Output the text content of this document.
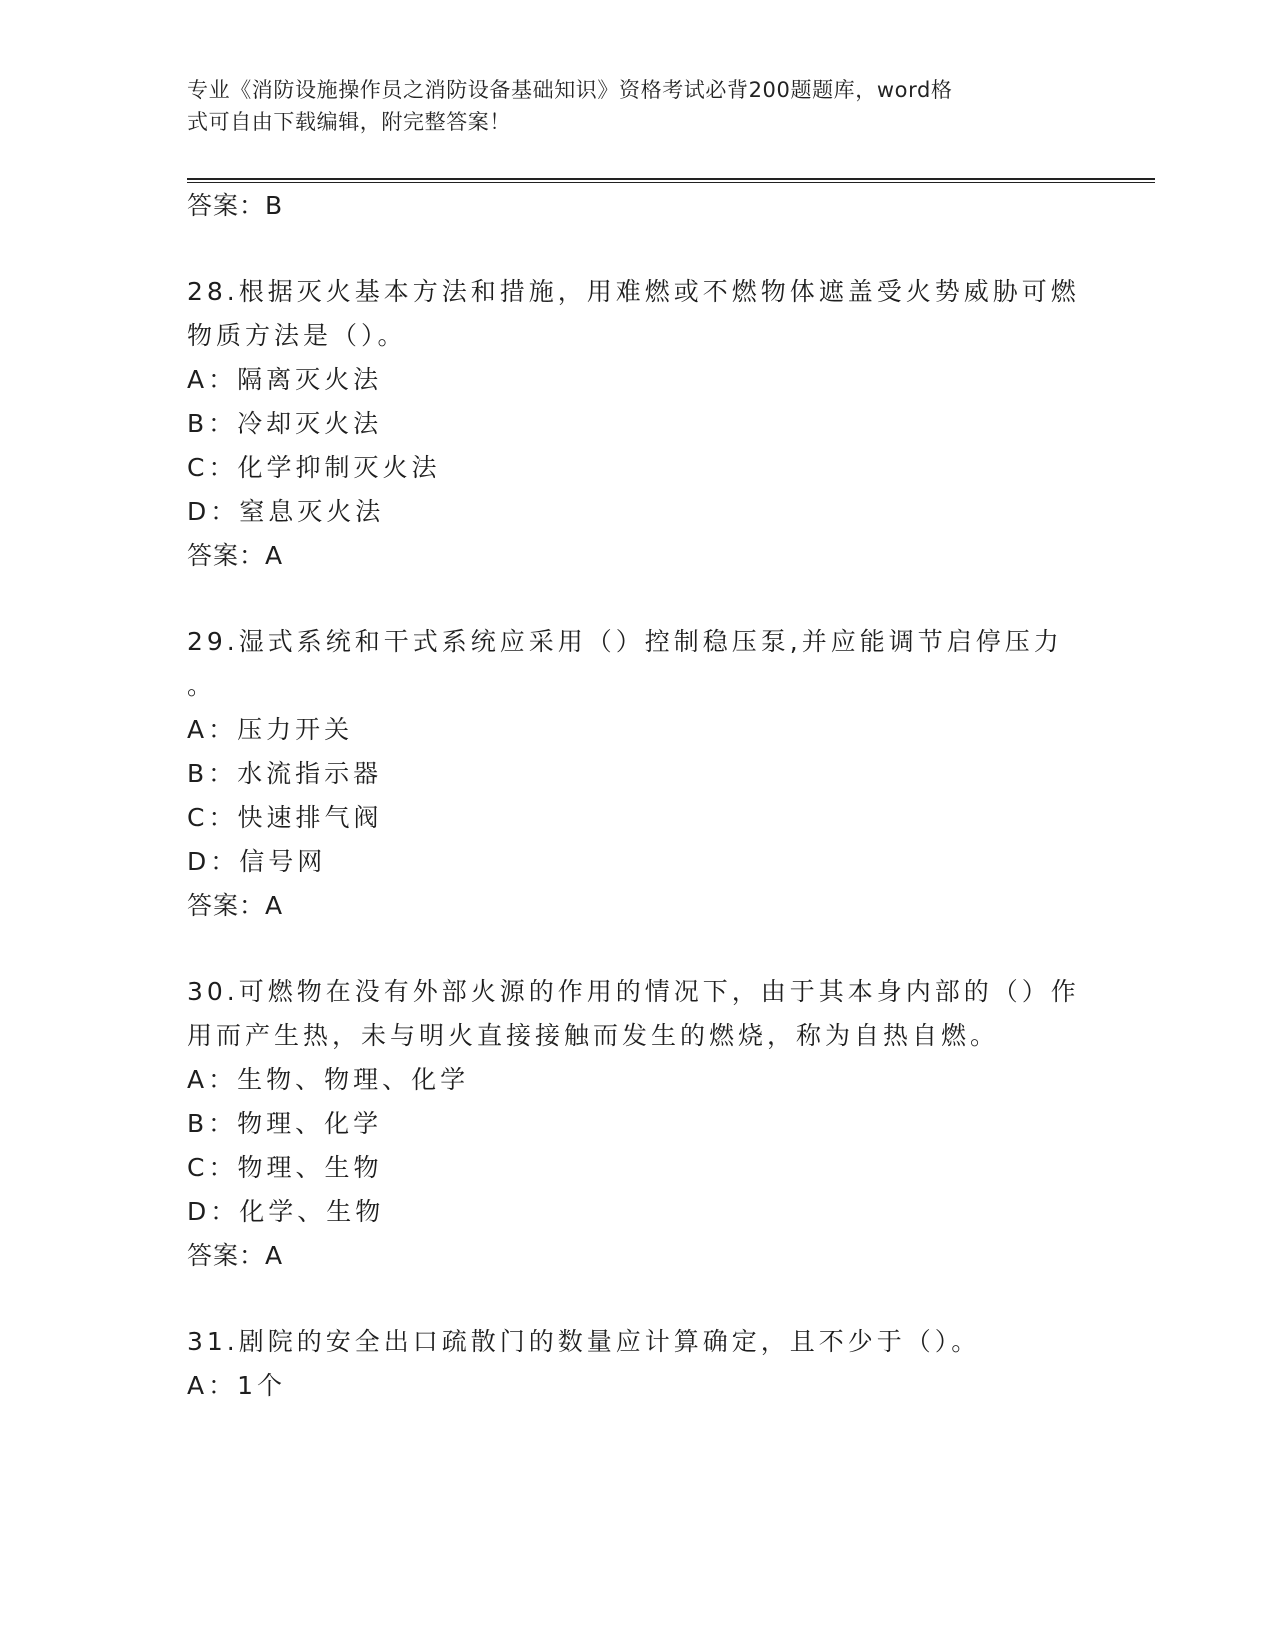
专业《消防设施操作员之消防设备基础知识》资格考试必背200题题库，word格
式可自由下载编辑，附完整答案！
答案：B
28.根据灭火基本方法和措施，用难燃或不燃物体遮盖受火势威胁可燃
物质方法是（）。
A：隔离灭火法
B：冷却灭火法
C：化学抑制灭火法
D：窒息灭火法
答案：A
29.湿式系统和干式系统应采用（）控制稳压泵,并应能调节启停压力
。
A：压力开关
B：水流指示器
C：快速排气阀
D：信号网
答案：A
30.可燃物在没有外部火源的作用的情况下，由于其本身内部的（）作
用而产生热，未与明火直接接触而发生的燃烧，称为自热自燃。
A：生物、物理、化学
B：物理、化学
C：物理、生物
D：化学、生物
答案：A
31.剧院的安全出口疏散门的数量应计算确定，且不少于（）。
A：1个
